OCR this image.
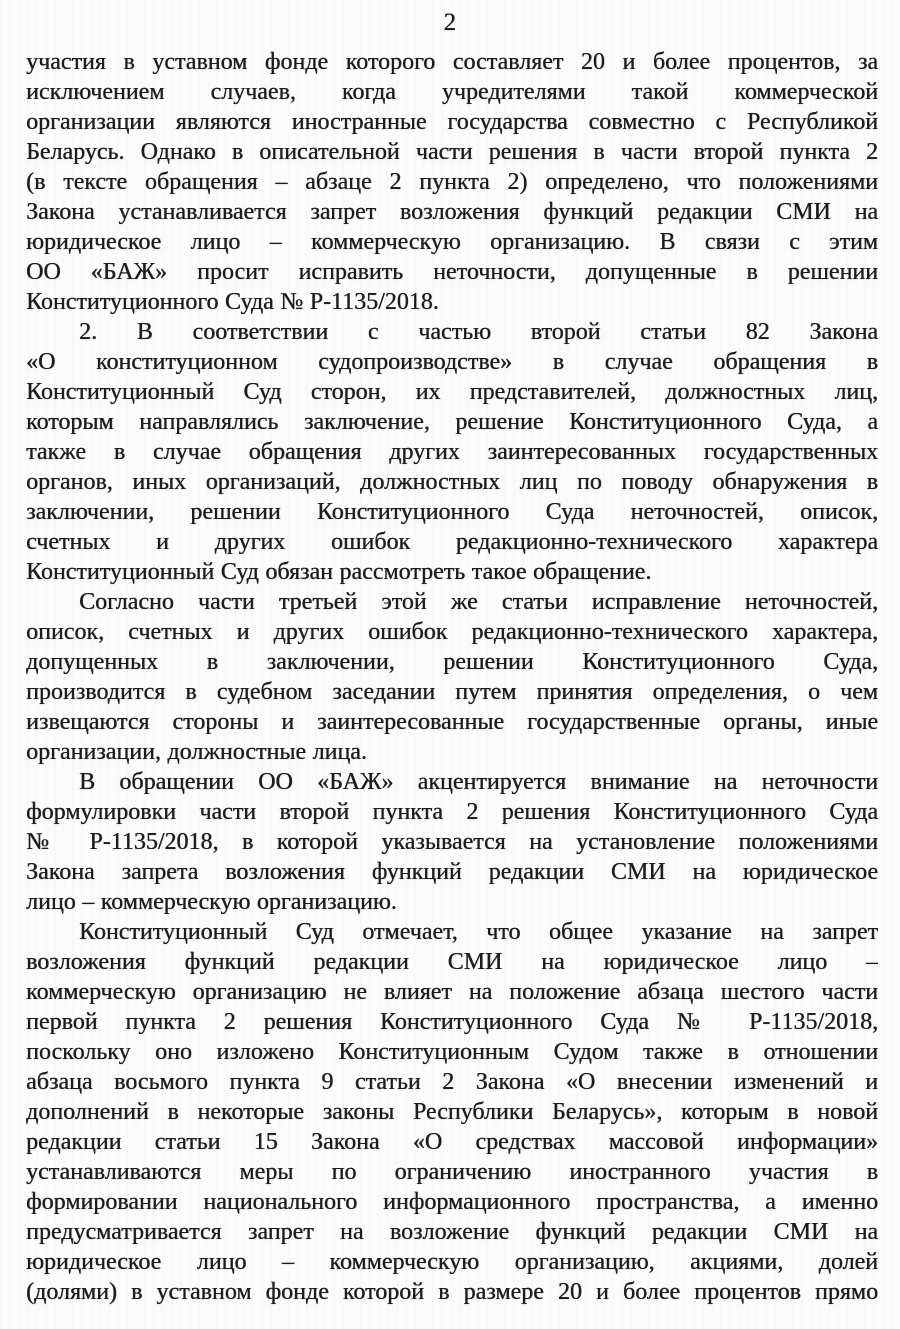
2
участия в уставном фонде которого составляет 20 и более процентов, за
исключением случаев, когда учредителями такой коммерческой
организации являются иностранные государства совместно с Республикой
Беларусь. Однако в описательной части решения в части второй пункта 2
(в тексте обращения – абзаце 2 пункта 2) определено, что положениями
Закона устанавливается запрет возложения функций редакции СМИ на
юридическое лицо – коммерческую организацию. В связи с этим
ОО «БАЖ» просит исправить неточности, допущенные в решении
Конституционного Суда № Р-1135/2018.
2. В соответствии с частью второй статьи 82 Закона
«О конституционном судопроизводстве» в случае обращения в
Конституционный Суд сторон, их представителей, должностных лиц,
которым направлялись заключение, решение Конституционного Суда, а
также в случае обращения других заинтересованных государственных
органов, иных организаций, должностных лиц по поводу обнаружения в
заключении, решении Конституционного Суда неточностей, описок,
счетных и других ошибок редакционно-технического характера
Конституционный Суд обязан рассмотреть такое обращение.
Согласно части третьей этой же статьи исправление неточностей,
описок, счетных и других ошибок редакционно-технического характера,
допущенных в заключении, решении Конституционного Суда,
производится в судебном заседании путем принятия определения, о чем
извещаются стороны и заинтересованные государственные органы, иные
организации, должностные лица.
В обращении ОО «БАЖ» акцентируется внимание на неточности
формулировки части второй пункта 2 решения Конституционного Суда
№ Р-1135/2018, в которой указывается на установление положениями
Закона запрета возложения функций редакции СМИ на юридическое
лицо – коммерческую организацию.
Конституционный Суд отмечает, что общее указание на запрет
возложения функций редакции СМИ на юридическое лицо –
коммерческую организацию не влияет на положение абзаца шестого части
первой пункта 2 решения Конституционного Суда № Р-1135/2018,
поскольку оно изложено Конституционным Судом также в отношении
абзаца восьмого пункта 9 статьи 2 Закона «О внесении изменений и
дополнений в некоторые законы Республики Беларусь», которым в новой
редакции статьи 15 Закона «О средствах массовой информации»
устанавливаются меры по ограничению иностранного участия в
формировании национального информационного пространства, а именно
предусматривается запрет на возложение функций редакции СМИ на
юридическое лицо – коммерческую организацию, акциями, долей
(долями) в уставном фонде которой в размере 20 и более процентов прямо
